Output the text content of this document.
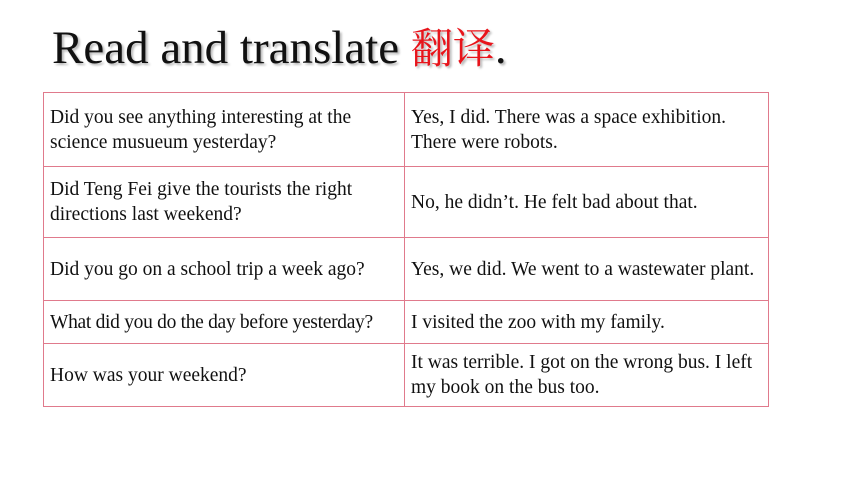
Read and translate 翻译.
Did you see anything interesting at the science musueum yesterday?	Yes, I did. There was a space exhibition. There were robots.
Did Teng Fei give the tourists the right directions last weekend?	No, he didn’t. He felt bad about that.
Did you go on a school trip a week ago?	Yes, we did. We went to a wastewater plant.
What did you do the day before yesterday?	I visited the zoo with my family.
How was your weekend?	It was terrible. I got on the wrong bus. I left my book on the bus too.
